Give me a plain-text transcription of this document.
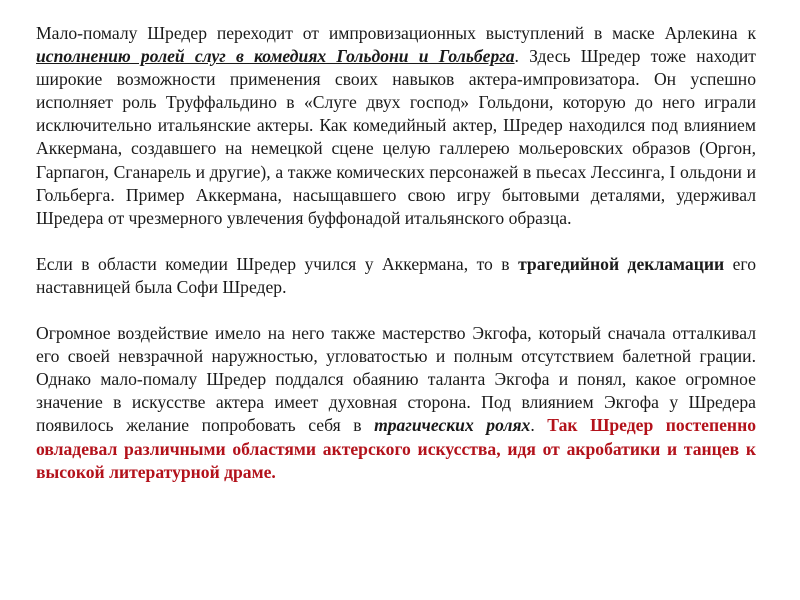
Мало-помалу Шредер переходит от импровизационных выступлений в маске Арлекина к исполнению ролей слуг в комедиях Гольдони и Гольберга. Здесь Шредер тоже находит широкие возможности применения своих навыков актера-импровизатора. Он успешно исполняет роль Труффальдино в «Слуге двух господ» Гольдони, которую до него играли исключительно итальянские актеры. Как комедийный актер, Шредер находился под влиянием Аккермана, создавшего на немецкой сцене целую галлерею мольеровских образов (Оргон, Гарпагон, Сганарель и другие), а также комических персонажей в пьесах Лессинга, I ольдони и Гольберга. Пример Аккермана, насыщавшего свою игру бытовыми деталями, удерживал Шредера от чрезмерного увлечения буффонадой итальянского образца.

Если в области комедии Шредер учился у Аккермана, то в трагедийной декламации его наставницей была Софи Шредер.

Огромное воздействие имело на него также мастерство Экгофа, который сначала отталкивал его своей невзрачной наружностью, угловатостью и полным отсутствием балетной грации. Однако мало-помалу Шредер поддался обаянию таланта Экгофа и понял, какое огромное значение в искусстве актера имеет духовная сторона. Под влиянием Экгофа у Шредера появилось желание попробовать себя в трагических ролях. Так Шредер постепенно овладевал различными областями актерского искусства, идя от акробатики и танцев к высокой литературной драме.
